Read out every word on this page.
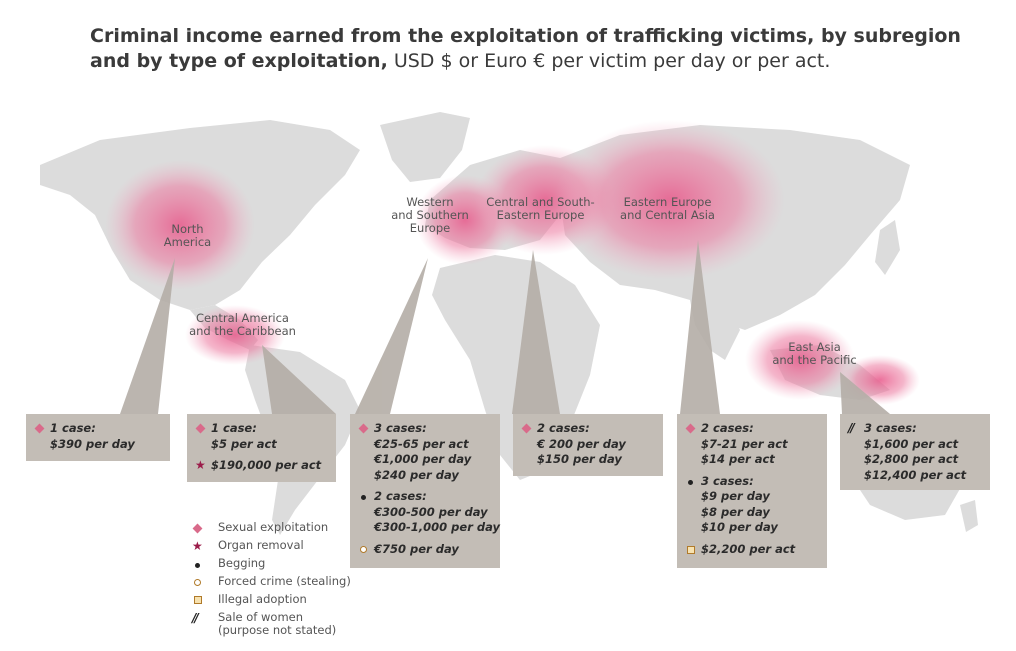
Criminal income earned from the exploitation of trafficking victims, by subregion and by type of exploitation, USD $ or Euro € per victim per day or per act.
North
America
Central America
and the Caribbean
Western
and Southern
Europe
Central and South-
Eastern Europe
Eastern Europe
and Central Asia
East Asia
and the Pacific
1 case:
$390 per day
1 case:
$5 per act
★ $190,000 per act
3 cases:
€25-65 per act
€1,000 per day
$240 per day
2 cases:
€300-500 per day
€300-1,000 per day
€750 per day
2 cases:
€ 200 per day
$150 per day
2 cases:
$7-21 per act
$14 per act
3 cases:
$9 per day
$8 per day
$10 per day
$2,200 per act
// 3 cases:
$1,600 per act
$2,800 per act
$12,400 per act
Sexual exploitation
★	Organ removal
Begging
Forced crime (stealing)
Illegal adoption
//	Sale of women
(purpose not stated)
